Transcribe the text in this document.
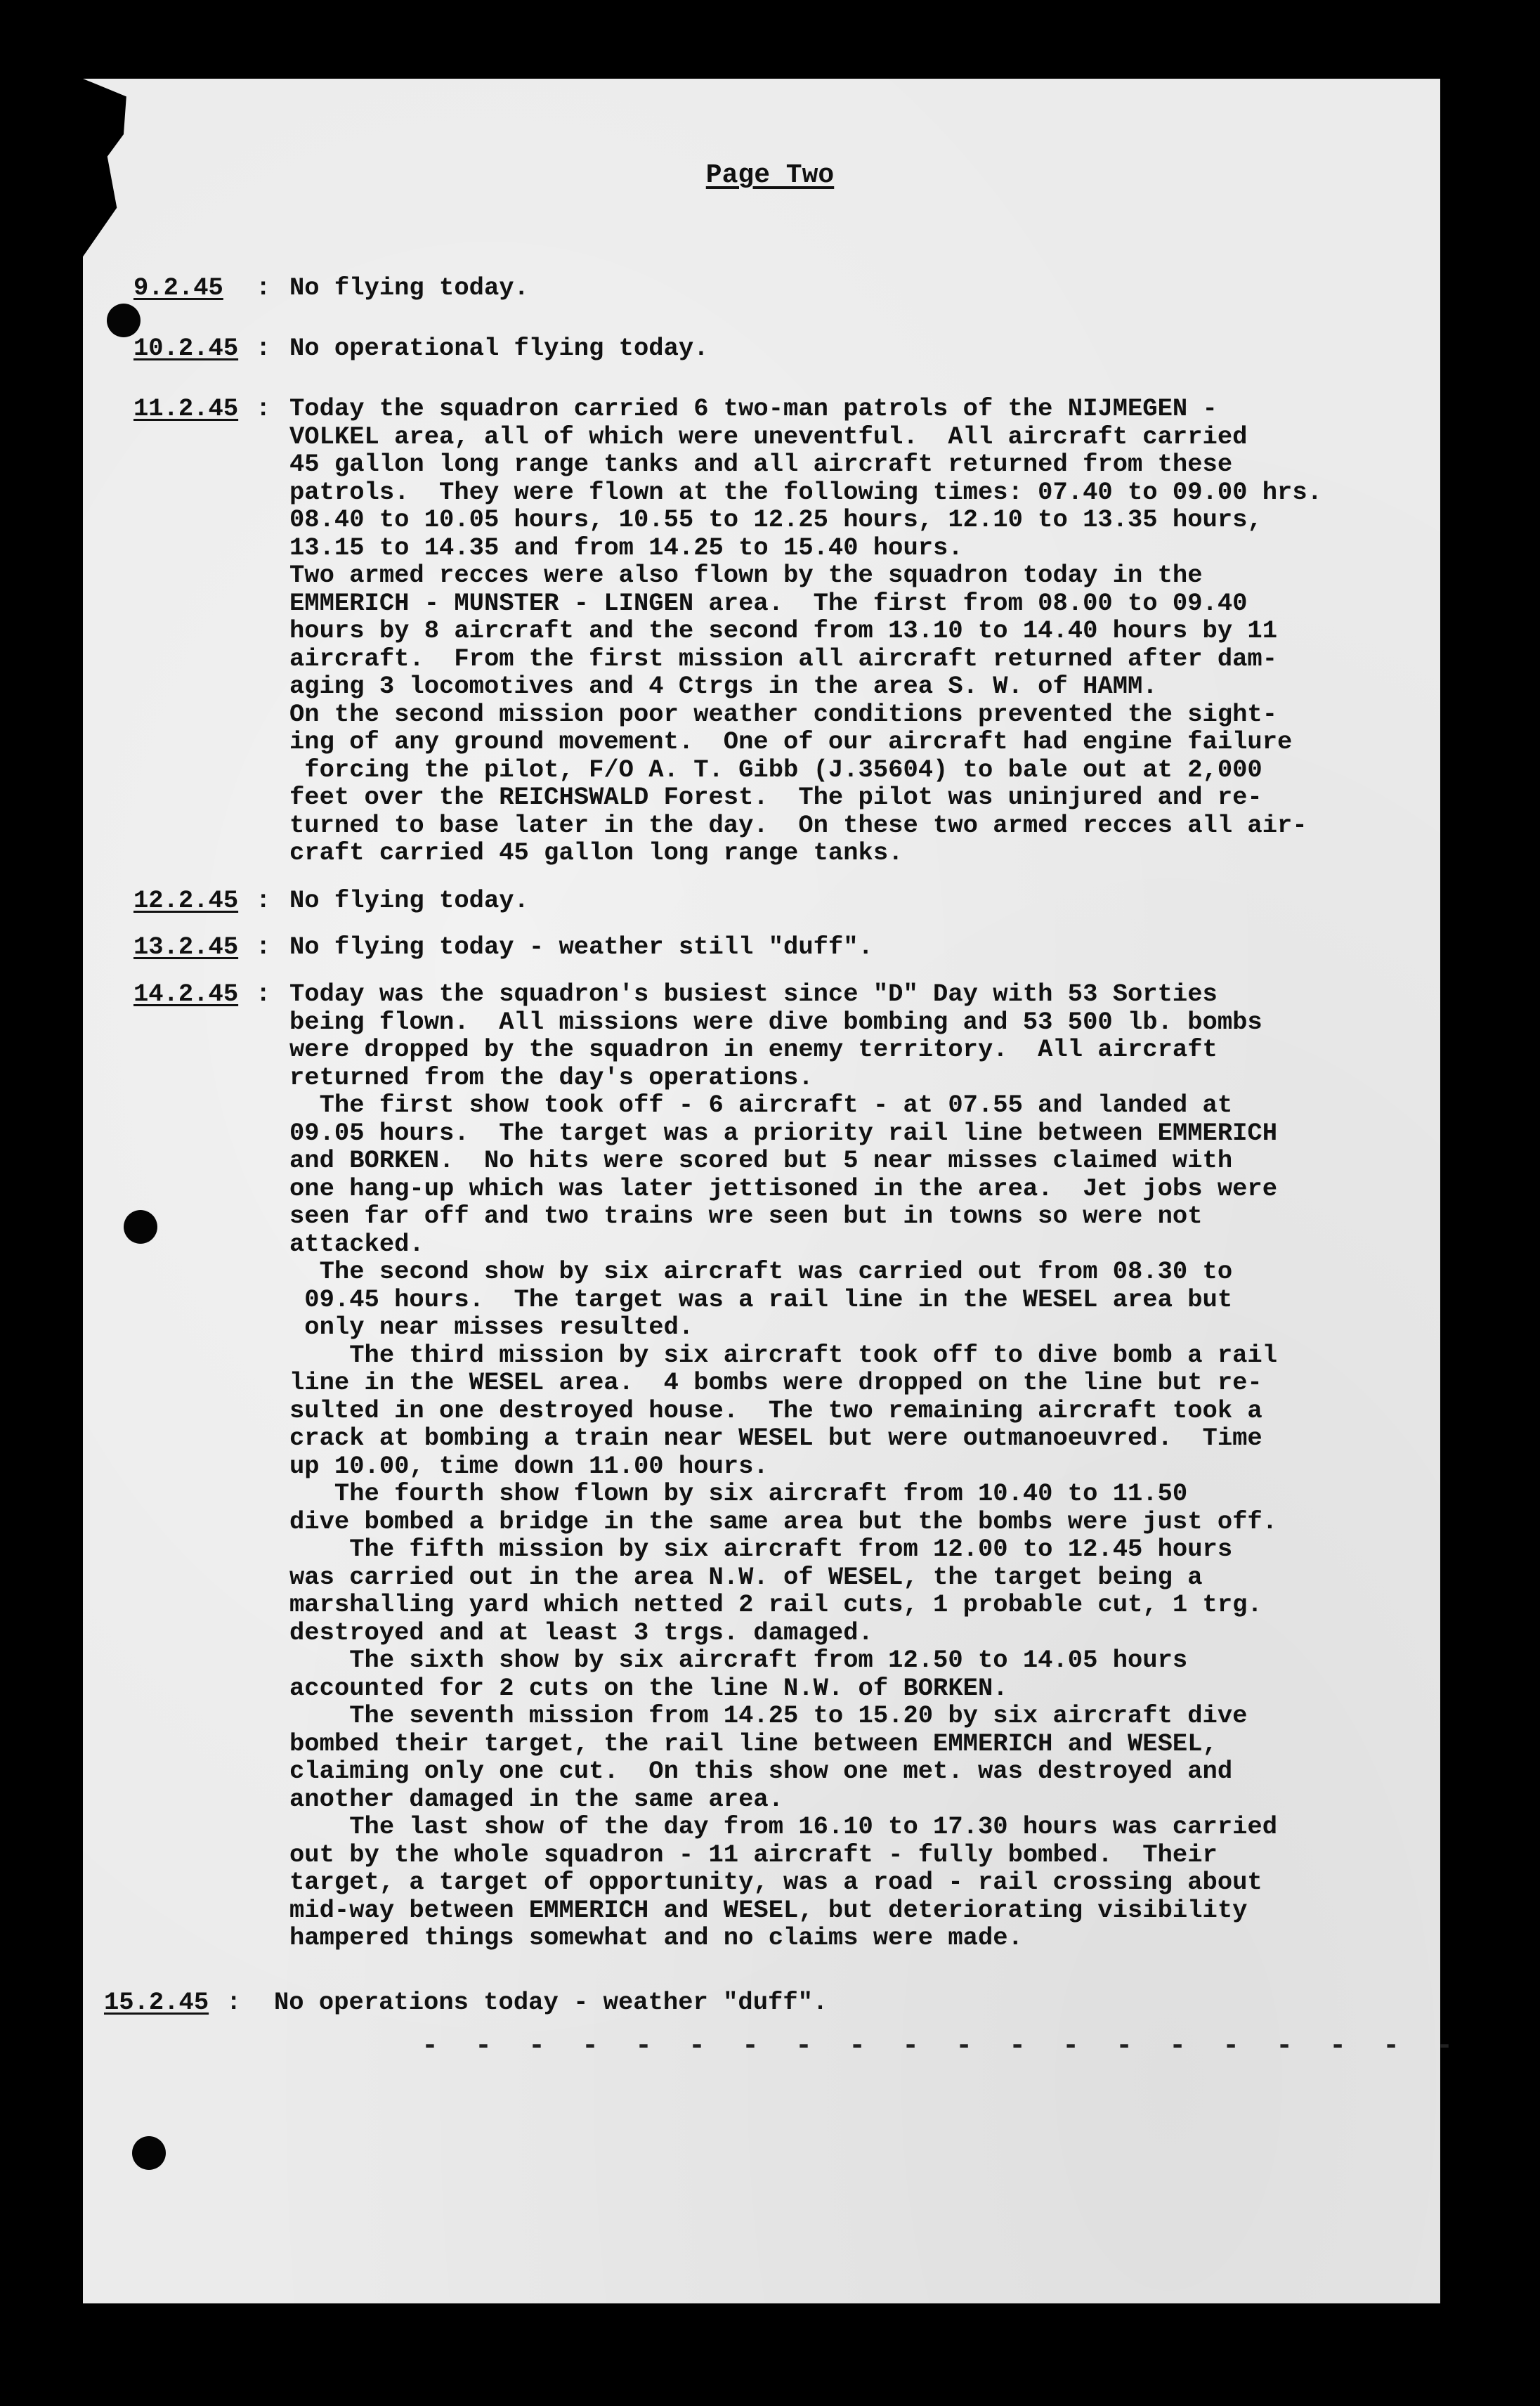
Page Two
9.2.45	: No flying today.
10.2.45 : No operational flying today.
11.2.45 : Today the squadron carried 6 two-man patrols of the NIJMEGEN -
VOLKEL area, all of which were uneventful.  All aircraft carried
45 gallon long range tanks and all aircraft returned from these
patrols.  They were flown at the following times: 07.40 to 09.00 hrs.
08.40 to 10.05 hours, 10.55 to 12.25 hours, 12.10 to 13.35 hours,
13.15 to 14.35 and from 14.25 to 15.40 hours.
Two armed recces were also flown by the squadron today in the
EMMERICH - MUNSTER - LINGEN area.  The first from 08.00 to 09.40
hours by 8 aircraft and the second from 13.10 to 14.40 hours by 11
aircraft.  From the first mission all aircraft returned after dam-
aging 3 locomotives and 4 Ctrgs in the area S. W. of HAMM.
On the second mission poor weather conditions prevented the sight-
ing of any ground movement.  One of our aircraft had engine failure
forcing the pilot, F/O A. T. Gibb (J.35604) to bale out at 2,000
feet over the REICHSWALD Forest.  The pilot was uninjured and re-
turned to base later in the day.  On these two armed recces all air-
craft carried 45 gallon long range tanks.
12.2.45 : No flying today.
13.2.45 : No flying today - weather still "duff".
14.2.45 : Today was the squadron's busiest since "D" Day with 53 Sorties
being flown.  All missions were dive bombing and 53 500 lb. bombs
were dropped by the squadron in enemy territory.  All aircraft
returned from the day's operations.
The first show took off - 6 aircraft - at 07.55 and landed at
09.05 hours.  The target was a priority rail line between EMMERICH
and BORKEN.  No hits were scored but 5 near misses claimed with
one hang-up which was later jettisoned in the area.  Jet jobs were
seen far off and two trains wre seen but in towns so were not
attacked.
The second show by six aircraft was carried out from 08.30 to
09.45 hours.  The target was a rail line in the WESEL area but
only near misses resulted.
The third mission by six aircraft took off to dive bomb a rail
line in the WESEL area.  4 bombs were dropped on the line but re-
sulted in one destroyed house.  The two remaining aircraft took a
crack at bombing a train near WESEL but were outmanoeuvred.  Time
up 10.00, time down 11.00 hours.
The fourth show flown by six aircraft from 10.40 to 11.50
dive bombed a bridge in the same area but the bombs were just off.
The fifth mission by six aircraft from 12.00 to 12.45 hours
was carried out in the area N.W. of WESEL, the target being a
marshalling yard which netted 2 rail cuts, 1 probable cut, 1 trg.
destroyed and at least 3 trgs. damaged.
The sixth show by six aircraft from 12.50 to 14.05 hours
accounted for 2 cuts on the line N.W. of BORKEN.
The seventh mission from 14.25 to 15.20 by six aircraft dive
bombed their target, the rail line between EMMERICH and WESEL,
claiming only one cut.  On this show one met. was destroyed and
another damaged in the same area.
The last show of the day from 16.10 to 17.30 hours was carried
out by the whole squadron - 11 aircraft - fully bombed.  Their
target, a target of opportunity, was a road - rail crossing about
mid-way between EMMERICH and WESEL, but deteriorating visibility
hampered things somewhat and no claims were made.
15.2.45 : No operations today - weather "duff".
- - - - - - - - - - - - - - - - - - - -
